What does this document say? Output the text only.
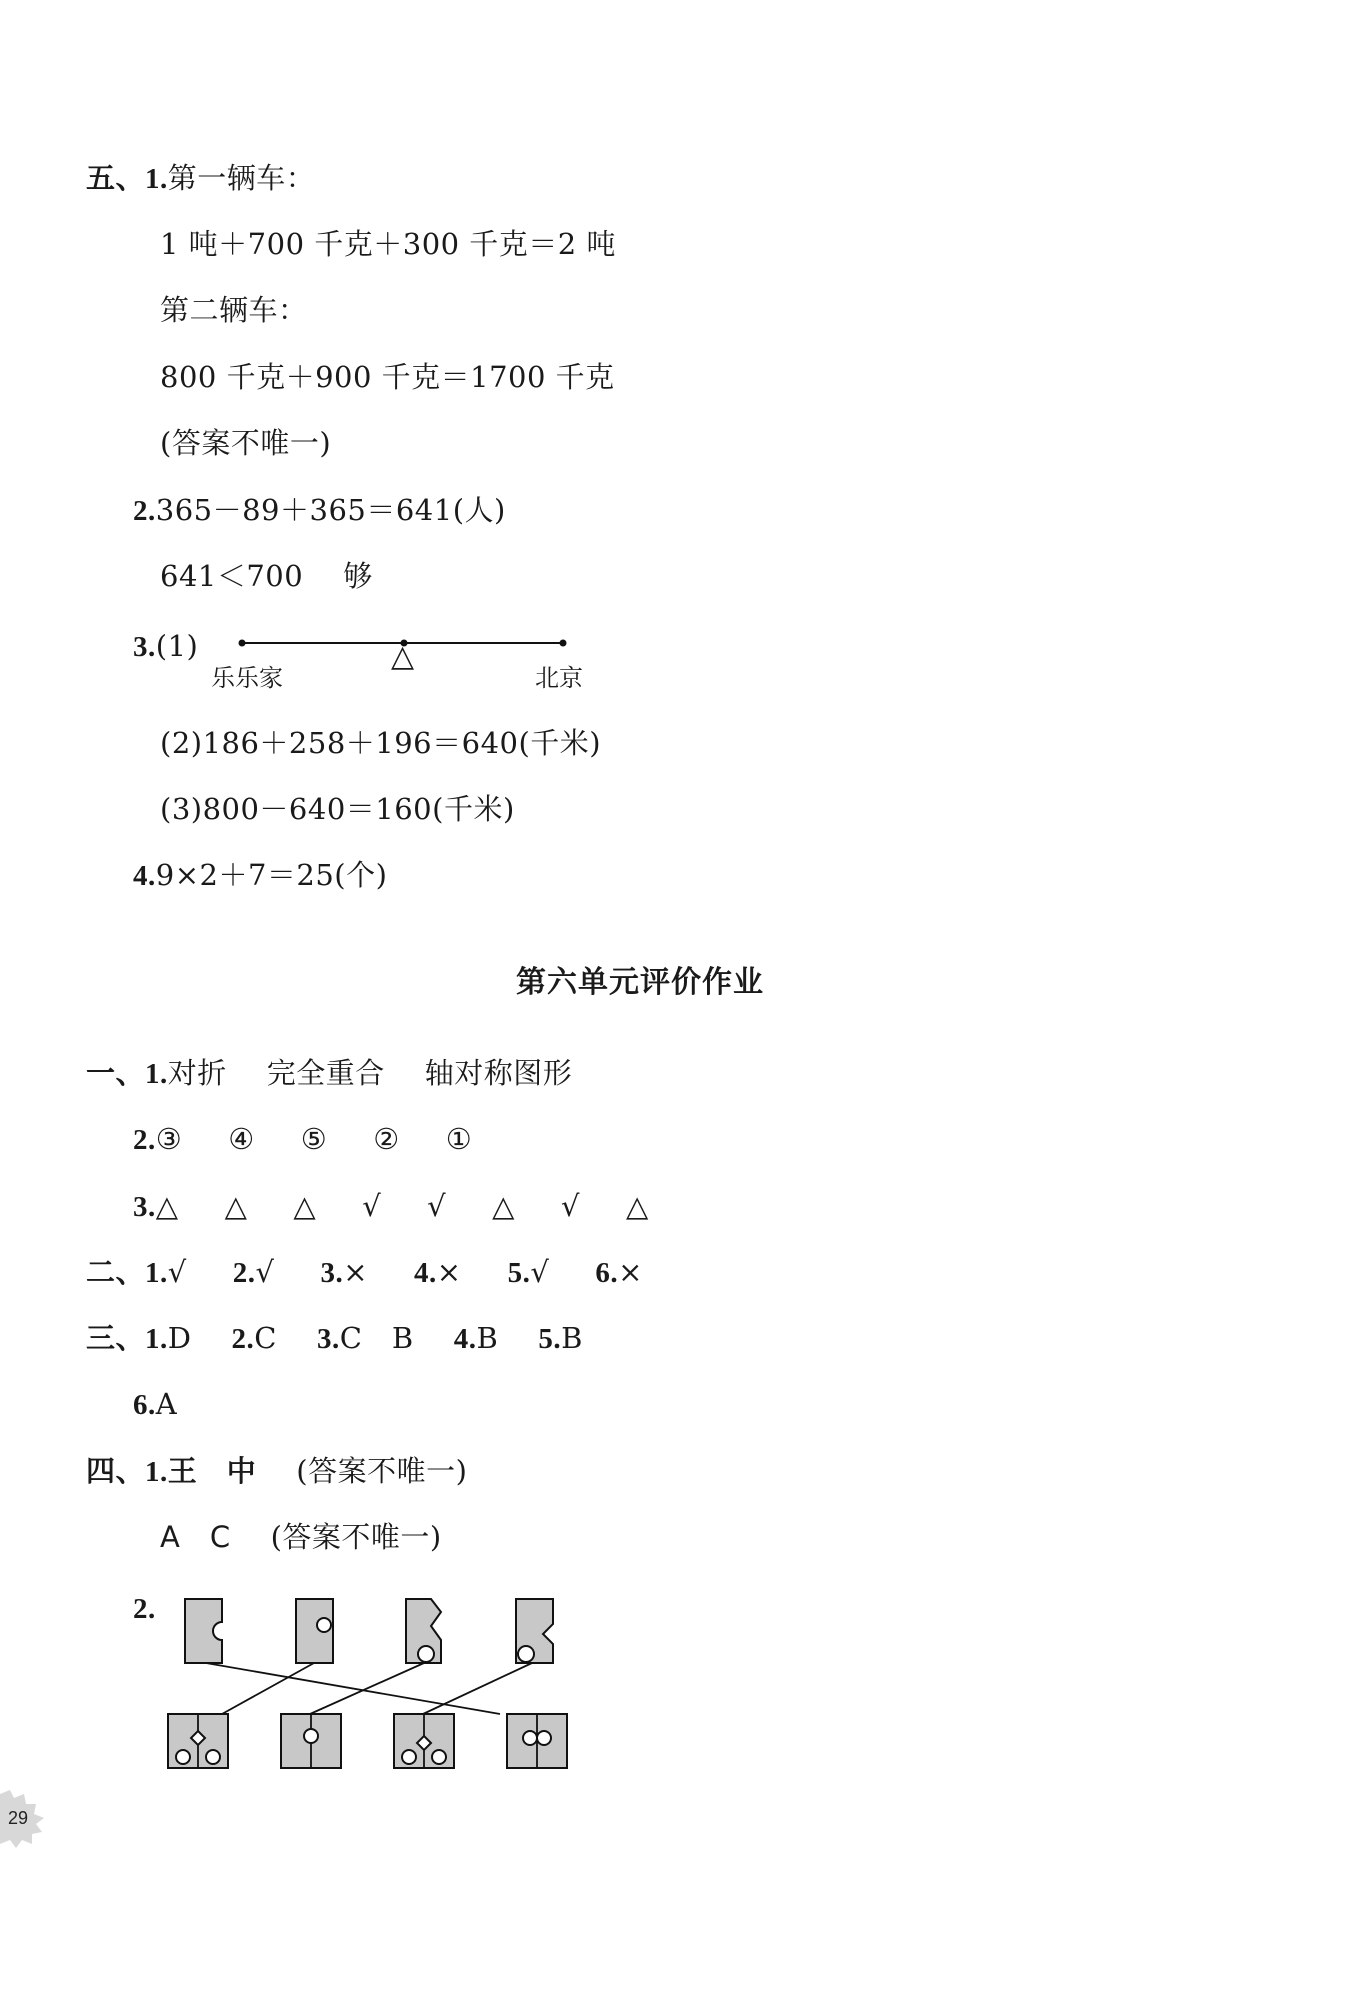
五、1.第一辆车：
1 吨＋700 千克＋300 千克＝2 吨
第二辆车：
800 千克＋900 千克＝1700 千克
(答案不唯一)
2.365－89＋365＝641(人)
641＜700 够
3.(1)
乐乐家
△
北京
(2)186＋258＋196＝640(千米)
(3)800－640＝160(千米)
4.9×2＋7＝25(个)
第六单元评价作业
一、1.对折 完全重合 轴对称图形
2.③ ④ ⑤ ② ①
3.△ △ △ √ √ △ √ △
二、1.√ 2.√ 3.× 4.× 5.√ 6.×
三、1.D 2.C 3.C　B 4.B 5.B
6.A
四、1.王　中 (答案不唯一)
A　C (答案不唯一)
2.
29
